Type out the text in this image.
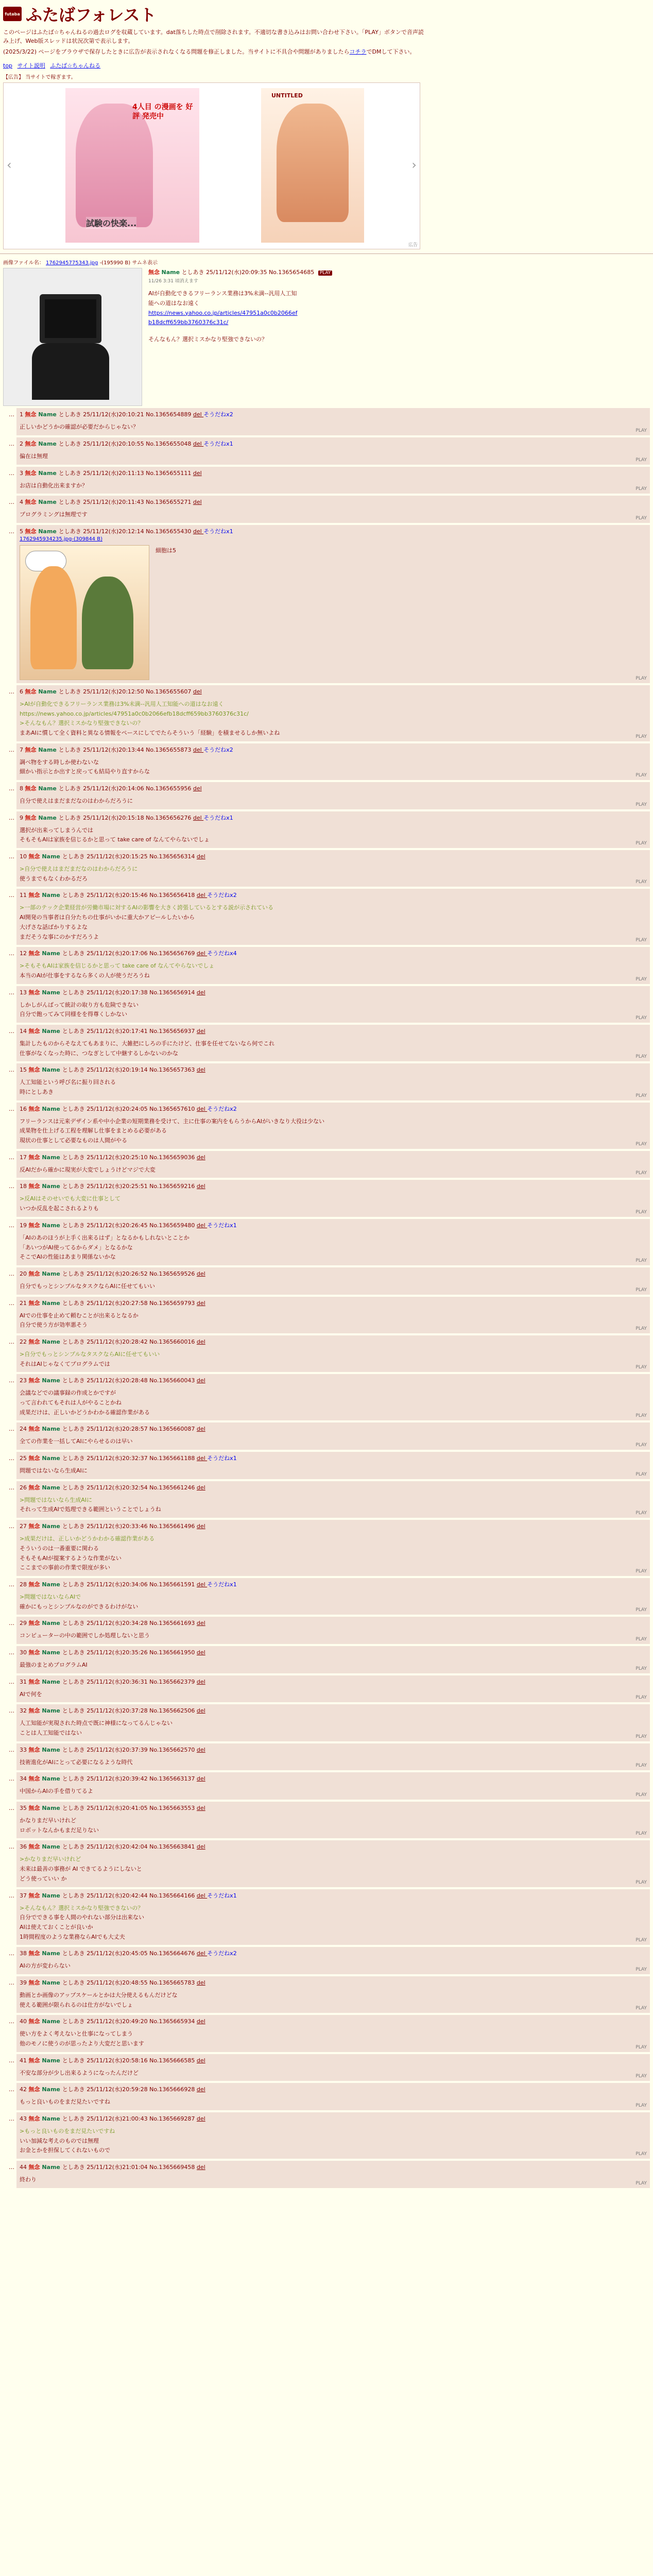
futaba ふたばフォレスト

このページはふたば☆ちゃんねるの過去ログを収蔵しています。dat落ちした時点で削除されます。不適切な書き込みはお問い合わせ下さい。「PLAY」ボタンで音声読み上げ、Web版スレッドは状況次第で表示します。

(2025/3/22) ページをブラウザで保存したときに広告が表示されなくなる問題を修正しました。当サイトに不具合や問題がありましたらコチラでDMして下さい。

top サイト説明 ふたば☆ちゃんねる
【広告】 当サイトで稼ぎます。
‹
4人目 の漫画を 好評 発売中
試験の快楽...
UNTITLED
›
広告
画像ファイル名： 1762945775343.jpg -(195990 B) サムネ表示
無念 Name としあき 25/11/12(水)20:09:35 No.1365654685 PLAY
11/26 3:31 頃消えます
AIが自動化できるフリーランス業務は3%未満--汎用人工知
能への道はなお遠く
https://news.yahoo.co.jp/articles/47951a0c0b2066ef
b18dcff659bb3760376c31c/
そんなもん？選択ミスかなり堅強できないの？
… 1 無念 Name としあき 25/11/12(水)20:10:21 No.1365654889 del そうだねx2
正しいかどうかの確認が必要だからじゃない？
PLAY
… 2 無念 Name としあき 25/11/12(水)20:10:55 No.1365655048 del そうだねx1
偏在は無理
PLAY
… 3 無念 Name としあき 25/11/12(水)20:11:13 No.1365655111 del
お店は自動化出来ますか？
PLAY
… 4 無念 Name としあき 25/11/12(水)20:11:43 No.1365655271 del
プログラミングは無理です
PLAY
… 5 無念 Name としあき 25/11/12(水)20:12:14 No.1365655430 del そうだねx1
1762945934235.jpg-(309844 B)
細胞は5
PLAY
… 6 無念 Name としあき 25/11/12(水)20:12:50 No.1365655607 del
>AIが自動化できるフリーランス業務は3%未満--汎用人工知能への道はなお遠く
https://news.yahoo.co.jp/articles/47951a0c0b2066efb18dcff659bb3760376c31c/
>そんなもん？選択ミスかなり堅強できないの？
まあAIに慣して全く資料と異なる情報をペースにしてでたらそういう「経験」を積ませるしか無いよね
PLAY
… 7 無念 Name としあき 25/11/12(水)20:13:44 No.1365655873 del そうだねx2
調べ物をする時しか使わないな
細かい指示とか出すと戻っても結局やり直すからな
PLAY
… 8 無念 Name としあき 25/11/12(水)20:14:06 No.1365655956 del
自分で使えはまだまだなのはわからだろうに
PLAY
… 9 無念 Name としあき 25/11/12(水)20:15:18 No.1365656276 del そうだねx1
選択が出来ってしまうんでは
そもそもAIは家族を信じるかと思って take care of なんてやらないでしょ
PLAY
… 10 無念 Name としあき 25/11/12(水)20:15:25 No.1365656314 del
>自分で使えはまだまだなのはわからだろうに
使うまでもなくわかるだろ
PLAY
… 11 無念 Name としあき 25/11/12(水)20:15:46 No.1365656418 del そうだねx2
>一部のテック企業経営が労働市場に対するAIの影響を大きく誇張しているとする説が示されている
AI開発の当事者は自分たちの仕事がいかに重大かアピールしたいから
大げさな話ばかりするよな
まだそうな事にのかすだろうよ
PLAY
… 12 無念 Name としあき 25/11/12(水)20:17:06 No.1365656769 del そうだねx4
>そもそもAIは家族を信じるかと思って take care of なんてやらないでしょ
本当のAIが仕事をするなら多くの人が使うだろうね
PLAY
… 13 無念 Name としあき 25/11/12(水)20:17:38 No.1365656914 del
しかしがんばって統計の取り方も危険できない
自分で飽ってみて同様をを得尊くしかない
PLAY
… 14 無念 Name としあき 25/11/12(水)20:17:41 No.1365656937 del
集計したものからそなえてもあまりに、大雑把にしろの手にたけど、仕事を任せてないなら何でこれ
仕事がなくなった時に、つなぎとして中継するしかないのかな
PLAY
… 15 無念 Name としあき 25/11/12(水)20:19:14 No.1365657363 del
人工知能という呼び名に振り回される
時にとしあき
PLAY
… 16 無念 Name としあき 25/11/12(水)20:24:05 No.1365657610 del そうだねx2
フリーランスは元来デザイン系や中小企業の短期業務を受けて、主に仕事の案内をもらうからAIがいきなり大役は少ない
成果物を仕上げる工程を理解し仕事をまとめる必要がある
現状の仕事として必要なものは人間がやる
PLAY
… 17 無念 Name としあき 25/11/12(水)20:25:10 No.1365659036 del
反AIだから確かに現実が大変でしょうけどマジで大変
PLAY
… 18 無念 Name としあき 25/11/12(水)20:25:51 No.1365659216 del
>反AIはそのせいでも大変に仕事として
いつか反乱を起こされるよりも
PLAY
… 19 無念 Name としあき 25/11/12(水)20:26:45 No.1365659480 del そうだねx1
「AIのあのほうが上手く出来るはず」となるかもしれないとことか
「あいつがAI使ってるからダメ」となるかな
そこでAIの性能はあまり関係ないかな
PLAY
… 20 無念 Name としあき 25/11/12(水)20:26:52 No.1365659526 del
自分でもっとシンプルなタスクならAIに任せてもいい
PLAY
… 21 無念 Name としあき 25/11/12(水)20:27:58 No.1365659793 del
AIでの仕事を止めて頼むことが出来るとなるか
自分で使う方が効率悪そう
PLAY
… 22 無念 Name としあき 25/11/12(水)20:28:42 No.1365660016 del
>自分でもっとシンプルなタスクならAIに任せてもいい
それはAIじゃなくてプログラムでは
PLAY
… 23 無念 Name としあき 25/11/12(水)20:28:48 No.1365660043 del
会議などでの議事録の作成とかですが
って言われてもそれは人がやることかね
成果だけは、正しいかどうかわかる確認作業がある
PLAY
… 24 無念 Name としあき 25/11/12(水)20:28:57 No.1365660087 del
全ての作業を一括してAIにやらせるのは早い
PLAY
… 25 無念 Name としあき 25/11/12(水)20:32:37 No.1365661188 del そうだねx1
問題ではないなら生成AIに
PLAY
… 26 無念 Name としあき 25/11/12(水)20:32:54 No.1365661246 del
>問題ではないなら生成AIに
それって生成AIで処理できる範囲ということでしょうね
PLAY
… 27 無念 Name としあき 25/11/12(水)20:33:46 No.1365661496 del
>成果だけは、正しいかどうかわかる確認作業がある
そういうのは一番重要に関わる
そもそもAIが提案するような作業がない
ここまでの事前の作業で限度が多い
PLAY
… 28 無念 Name としあき 25/11/12(水)20:34:06 No.1365661591 del そうだねx1
>問題ではないならAIで
確かにもっとシンプルなのができるわけがない
PLAY
… 29 無念 Name としあき 25/11/12(水)20:34:28 No.1365661693 del
コンピューターの中の範囲でしか処理しないと思う
PLAY
… 30 無念 Name としあき 25/11/12(水)20:35:26 No.1365661950 del
最強のまとめプログラムAI
PLAY
… 31 無念 Name としあき 25/11/12(水)20:36:31 No.1365662379 del
AIで何を
PLAY
… 32 無念 Name としあき 25/11/12(水)20:37:28 No.1365662506 del
人工知能が実現された時点で既に神様になってるんじゃない
ことは人工知能ではない
PLAY
… 33 無念 Name としあき 25/11/12(水)20:37:39 No.1365662570 del
技術進化がAIにとって必要になるような時代
PLAY
… 34 無念 Name としあき 25/11/12(水)20:39:42 No.1365663137 del
中国からAIの手を借りてるよ
PLAY
… 35 無念 Name としあき 25/11/12(水)20:41:05 No.1365663553 del
かなりまだ早いけれど
ロボットなんかもまだ足りない
PLAY
… 36 無念 Name としあき 25/11/12(水)20:42:04 No.1365663841 del
>かなりまだ早いけれど
未来は最善の事務が AI できてるようにしないと
どう使っていい か
PLAY
… 37 無念 Name としあき 25/11/12(水)20:42:44 No.1365664166 del そうだねx1
>そんなもん？選択ミスかなり堅強できないの？
自分でできる事を人間のやれない部分は出来ない
AIは使えておくことが良いか
1時間程度のような業務ならAIでも大丈夫
PLAY
… 38 無念 Name としあき 25/11/12(水)20:45:05 No.1365664676 del そうだねx2
AIの方が変わらない
PLAY
… 39 無念 Name としあき 25/11/12(水)20:48:55 No.1365665783 del
動画とか画像のアップスケールとかは大分使えるもんだけどな
使える範囲が限られるのは仕方がないでしょ
PLAY
… 40 無念 Name としあき 25/11/12(水)20:49:20 No.1365665934 del
使い方をよく考えないと仕事になってしまう
他のモノに使うのが思ったより大変だと思います
PLAY
… 41 無念 Name としあき 25/11/12(水)20:58:16 No.1365666585 del
不安な部分が少し出来るようになったんだけど
PLAY
… 42 無念 Name としあき 25/11/12(水)20:59:28 No.1365666928 del
もっと良いものをまだ見たいですね
PLAY
… 43 無念 Name としあき 25/11/12(水)21:00:43 No.1365669287 del
>もっと良いものをまだ見たいですね
いい加減な考えのものでは無理
お金とかを担保してくれないもので
PLAY
… 44 無念 Name としあき 25/11/12(水)21:01:04 No.1365669458 del
終わり
PLAY
